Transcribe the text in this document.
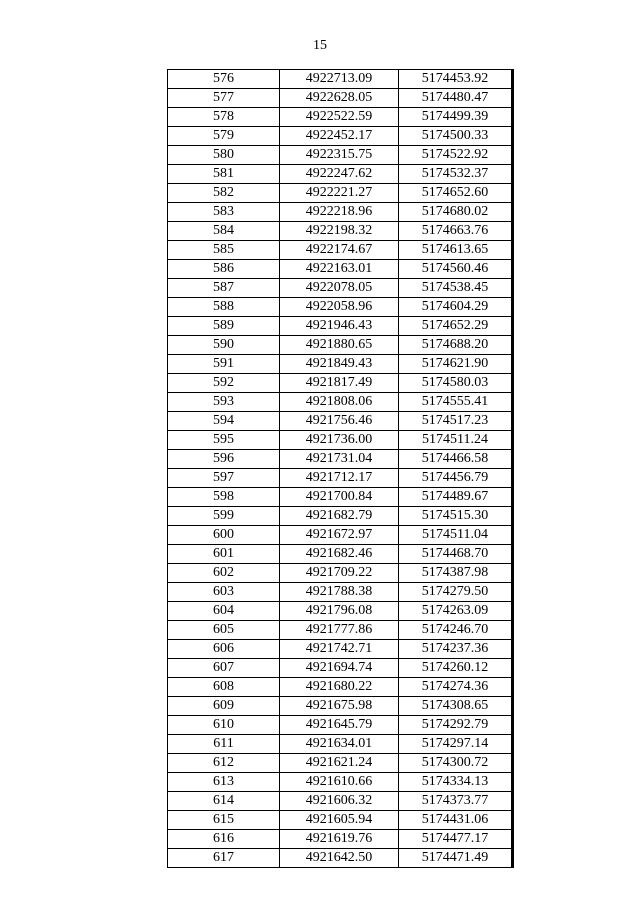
15
576	4922713.09	5174453.92
577	4922628.05	5174480.47
578	4922522.59	5174499.39
579	4922452.17	5174500.33
580	4922315.75	5174522.92
581	4922247.62	5174532.37
582	4922221.27	5174652.60
583	4922218.96	5174680.02
584	4922198.32	5174663.76
585	4922174.67	5174613.65
586	4922163.01	5174560.46
587	4922078.05	5174538.45
588	4922058.96	5174604.29
589	4921946.43	5174652.29
590	4921880.65	5174688.20
591	4921849.43	5174621.90
592	4921817.49	5174580.03
593	4921808.06	5174555.41
594	4921756.46	5174517.23
595	4921736.00	5174511.24
596	4921731.04	5174466.58
597	4921712.17	5174456.79
598	4921700.84	5174489.67
599	4921682.79	5174515.30
600	4921672.97	5174511.04
601	4921682.46	5174468.70
602	4921709.22	5174387.98
603	4921788.38	5174279.50
604	4921796.08	5174263.09
605	4921777.86	5174246.70
606	4921742.71	5174237.36
607	4921694.74	5174260.12
608	4921680.22	5174274.36
609	4921675.98	5174308.65
610	4921645.79	5174292.79
611	4921634.01	5174297.14
612	4921621.24	5174300.72
613	4921610.66	5174334.13
614	4921606.32	5174373.77
615	4921605.94	5174431.06
616	4921619.76	5174477.17
617	4921642.50	5174471.49
